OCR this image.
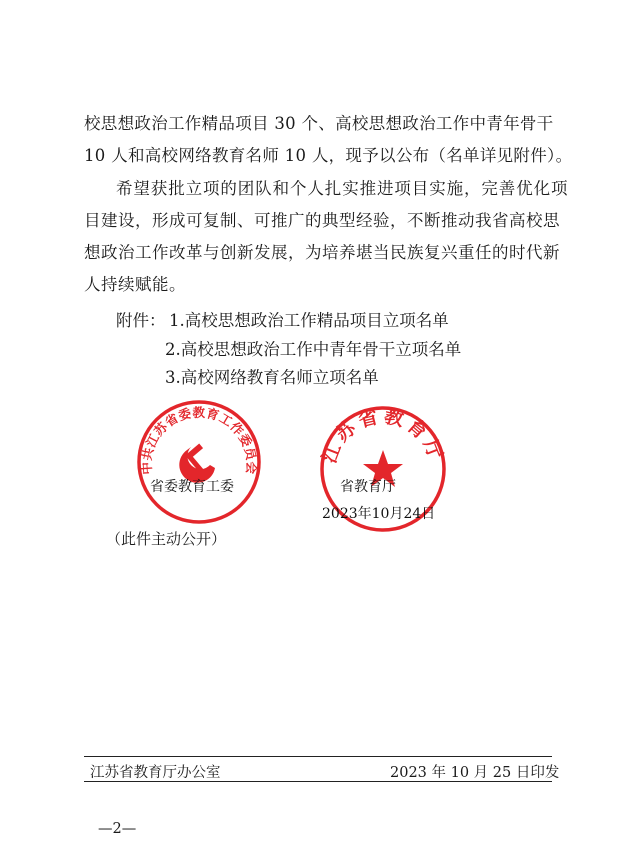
校思想政治工作精品项目 30 个、高校思想政治工作中青年骨干
10 人和高校网络教育名师 10 人，现予以公布（名单详见附件）。
希望获批立项的团队和个人扎实推进项目实施，完善优化项
目建设，形成可复制、可推广的典型经验，不断推动我省高校思
想政治工作改革与创新发展，为培养堪当民族复兴重任的时代新
人持续赋能。
附件： 1.高校思想政治工作精品项目立项名单
2.高校思想政治工作中青年骨干立项名单
3.高校网络教育名师立项名单
中共江苏省委教育工作委员会
江苏省教育厅
省委教育工委	省教育厅
2023年10月24日
（此件主动公开）
江苏省教育厅办公室	2023 年 10 月 25 日印发
—2—
